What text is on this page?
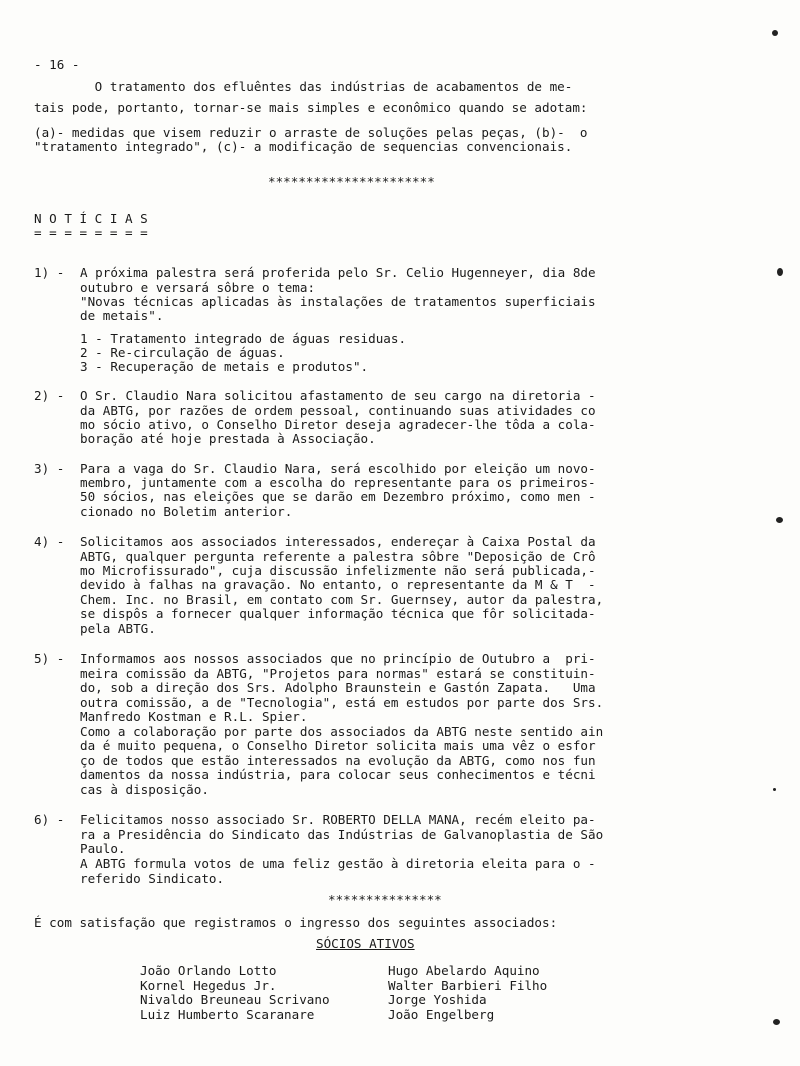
- 16 -
O tratamento dos efluêntes das indústrias de acabamentos de me-
tais pode, portanto, tornar-se mais simples e econômico quando se adotam:
(a)- medidas que visem reduzir o arraste de soluções pelas peças, (b)-  o
"tratamento integrado", (c)- a modificação de sequencias convencionais.
**********************
N O T Í C I A S
= = = = = = = =
1) - A próxima palestra será proferida pelo Sr. Celio Hugenneyer, dia 8de
outubro e versará sôbre o tema:
"Novas técnicas aplicadas às instalações de tratamentos superficiais
de metais".
1 - Tratamento integrado de águas residuas.
2 - Re-circulação de águas.
3 - Recuperação de metais e produtos".
2) - O Sr. Claudio Nara solicitou afastamento de seu cargo na diretoria -
da ABTG, por razões de ordem pessoal, continuando suas atividades co
mo sócio ativo, o Conselho Diretor deseja agradecer-lhe tôda a cola-
boração até hoje prestada à Associação.
3) - Para a vaga do Sr. Claudio Nara, será escolhido por eleição um novo-
membro, juntamente com a escolha do representante para os primeiros-
50 sócios, nas eleições que se darão em Dezembro próximo, como men -
cionado no Boletim anterior.
4) - Solicitamos aos associados interessados, endereçar à Caixa Postal da
ABTG, qualquer pergunta referente a palestra sôbre "Deposição de Crô
mo Microfissurado", cuja discussão infelizmente não será publicada,-
devido à falhas na gravação. No entanto, o representante da M & T  -
Chem. Inc. no Brasil, em contato com Sr. Guernsey, autor da palestra,
se dispôs a fornecer qualquer informação técnica que fôr solicitada-
pela ABTG.
5) - Informamos aos nossos associados que no princípio de Outubro a  pri-
meira comissão da ABTG, "Projetos para normas" estará se constituin-
do, sob a direção dos Srs. Adolpho Braunstein e Gastón Zapata.   Uma
outra comissão, a de "Tecnologia", está em estudos por parte dos Srs.
Manfredo Kostman e R.L. Spier.
Como a colaboração por parte dos associados da ABTG neste sentido ain
da é muito pequena, o Conselho Diretor solicita mais uma vêz o esfor
ço de todos que estão interessados na evolução da ABTG, como nos fun
damentos da nossa indústria, para colocar seus conhecimentos e técni
cas à disposição.
6) - Felicitamos nosso associado Sr. ROBERTO DELLA MANA, recém eleito pa-
ra a Presidência do Sindicato das Indústrias de Galvanoplastia de São
Paulo.
A ABTG formula votos de uma feliz gestão à diretoria eleita para o -
referido Sindicato.
***************
É com satisfação que registramos o ingresso dos seguintes associados:
SÓCIOS ATIVOS
João Orlando Lotto
Kornel Hegedus Jr.
Nivaldo Breuneau Scrivano
Luiz Humberto Scaranare
Hugo Abelardo Aquino
Walter Barbieri Filho
Jorge Yoshida
João Engelberg
